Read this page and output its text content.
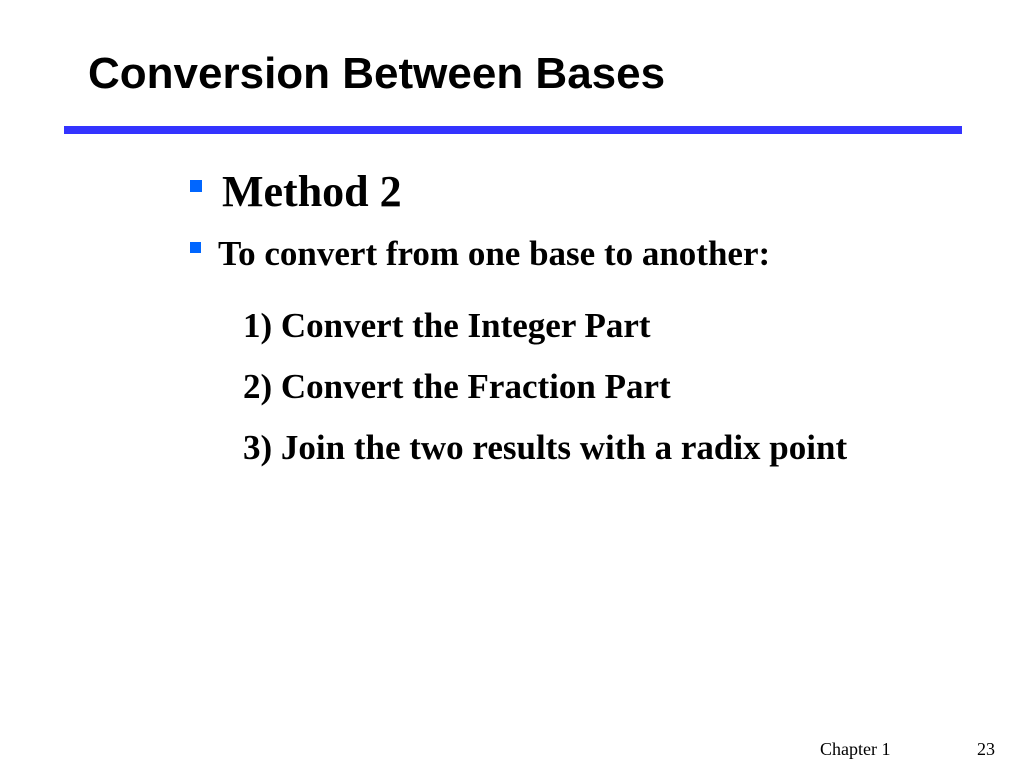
Conversion Between Bases
Method 2
To convert from one base to another:
1) Convert the Integer Part
2) Convert the Fraction Part
3) Join the two results with a radix point
Chapter 1	23
